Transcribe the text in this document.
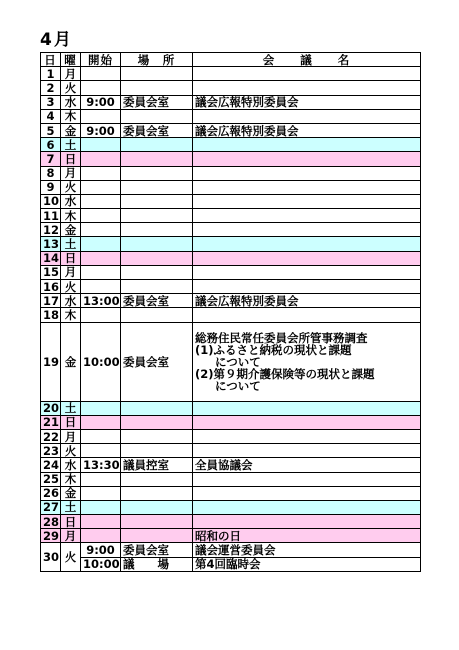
4月
日	曜	開始	場　所	会　　議　　名
1	月			
2	火			
3	水	9:00	委員会室	議会広報特別委員会
4	木			
5	金	9:00	委員会室	議会広報特別委員会
6	土			
7	日			
8	月			
9	火			
10	水			
11	木			
12	金			
13	土			
14	日			
15	月			
16	火			
17	水	13:00	委員会室	議会広報特別委員会
18	木			
19	金	10:00	委員会室	総務住民常任委員会所管事務調査
(1)ふるさと納税の現状と課題
について
(2)第９期介護保険等の現状と課題
について

20	土			
21	日			
22	月			
23	火			
24	水	13:30	議員控室	全員協議会
25	木			
26	金			
27	土			
28	日			
29	月			昭和の日
30	火	9:00	委員会室	議会運営委員会
		10:00	議　　場	第4回臨時会
